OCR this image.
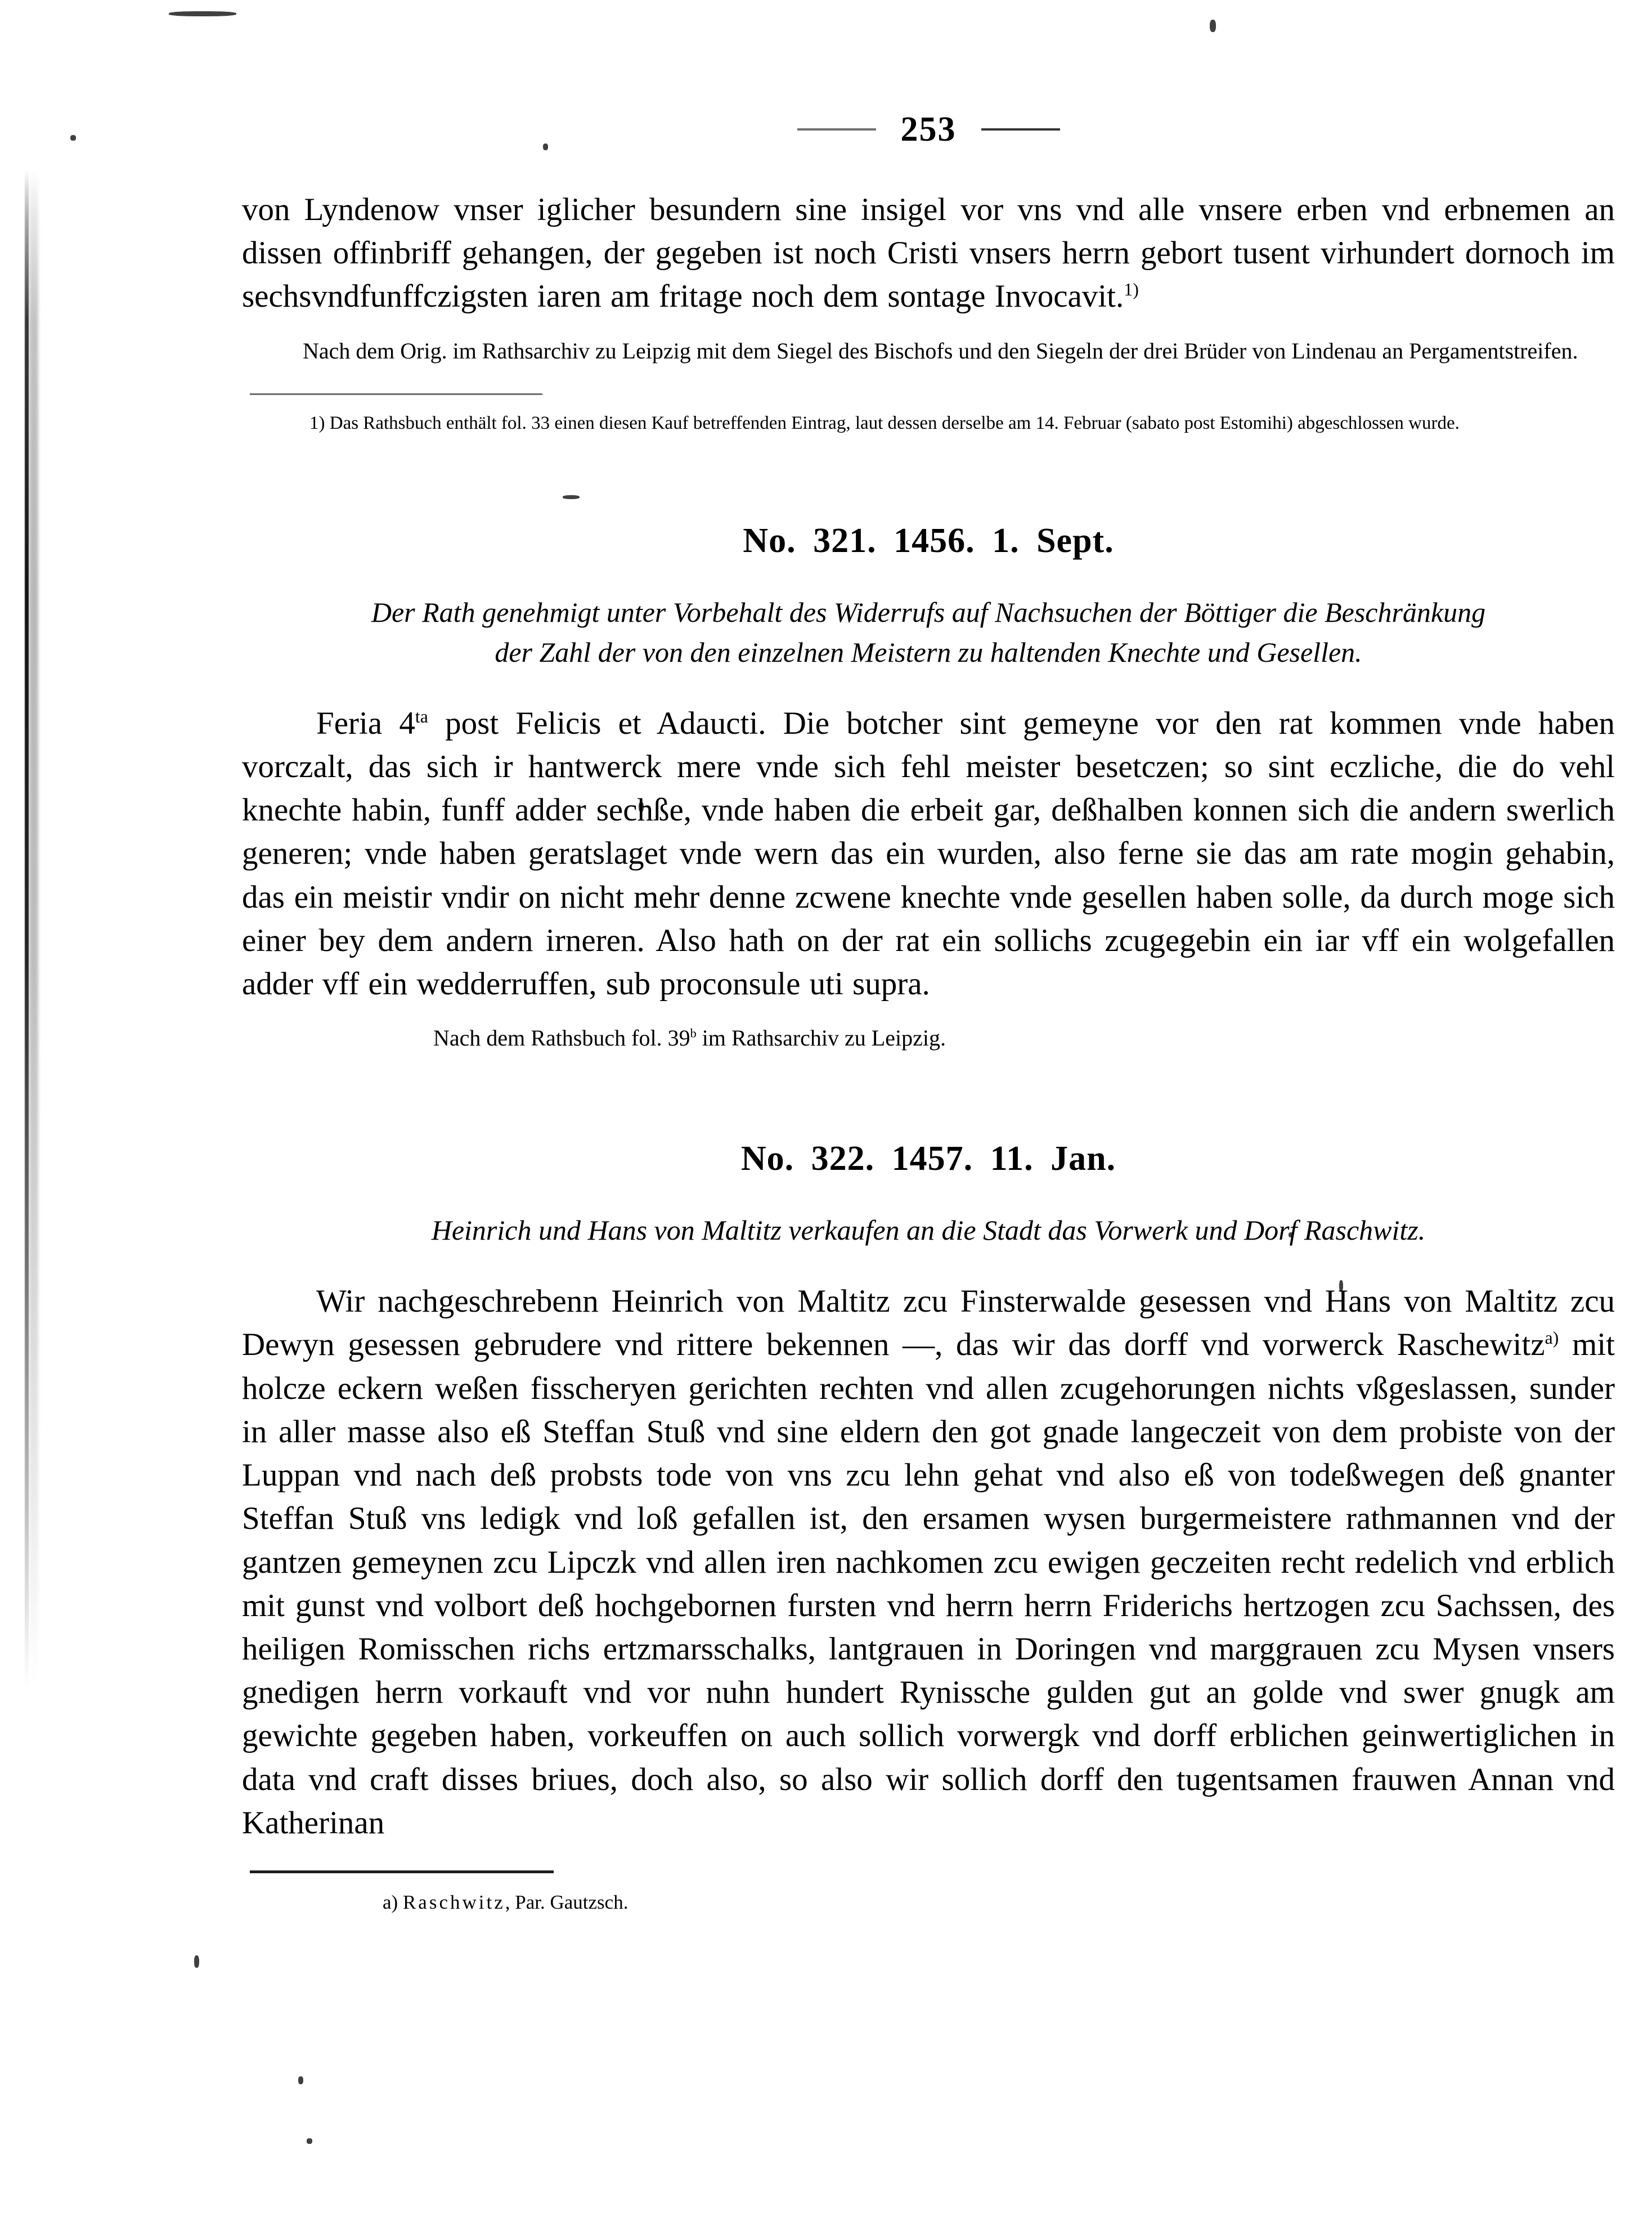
253

von Lyndenow vnser iglicher besundern sine insigel vor vns vnd alle vnsere erben vnd erbnemen an dissen offinbriff gehangen, der gegeben ist noch Cristi vnsers herrn gebort tusent virhundert dornoch im sechsvndfunffczigsten iaren am fritage noch dem sontage Invocavit.$^{1)}$

Nach dem Orig. im Rathsarchiv zu Leipzig mit dem Siegel des Bischofs und den Siegeln der drei Brüder von Lindenau an Pergamentstreifen.

1) Das Rathsbuch enthält fol. 33 einen diesen Kauf betreffenden Eintrag, laut dessen derselbe am 14. Februar (sabato post Estomihi) abgeschlossen wurde.

No. 321. 1456. 1. Sept.
Der Rath genehmigt unter Vorbehalt des Widerrufs auf Nachsuchen der Böttiger die Beschränkung
der Zahl der von den einzelnen Meistern zu haltenden Knechte und Gesellen.

Feria $4^{ta}$ post Felicis et Adaucti. Die botcher sint gemeyne vor den rat kommen vnde haben vorczalt, das sich ir hantwerck mere vnde sich fehl meister besetczen; so sint eczliche, die do vehl knechte habin, funff adder sechße, vnde haben die erbeit gar, deßhalben konnen sich die andern swerlich generen; vnde haben geratslaget vnde wern das ein wurden, also ferne sie das am rate mogin gehabin, das ein meistir vndir on nicht mehr denne zcwene knechte vnde gesellen haben solle, da durch moge sich einer bey dem andern irneren. Also hath on der rat ein sollichs zcugegebin ein iar vff ein wolgefallen adder vff ein wedderruffen, sub proconsule uti supra.

Nach dem Rathsbuch fol. 39$^b$ im Rathsarchiv zu Leipzig.

No. 322. 1457. 11. Jan.
Heinrich und Hans von Maltitz verkaufen an die Stadt das Vorwerk und Dorf Raschwitz.

Wir nachgeschrebenn Heinrich von Maltitz zcu Finsterwalde gesessen vnd Hans von Maltitz zcu Dewyn gesessen gebrudere vnd rittere bekennen —, das wir das dorff vnd vorwerck Raschewitz$^{a)}$ mit holcze eckern weßen fisscheryen gerichten rechten vnd allen zcugehorungen nichts vßgeslassen, sunder in aller masse also eß Steffan Stuß vnd sine eldern den got gnade langeczeit von dem probiste von der Luppan vnd nach deß probsts tode von vns zcu lehn gehat vnd also eß von todeßwegen deß gnanter Steffan Stuß vns ledigk vnd loß gefallen ist, den ersamen wysen burgermeistere rathmannen vnd der gantzen gemeynen zcu Lipczk vnd allen iren nachkomen zcu ewigen geczeiten recht redelich vnd erblich mit gunst vnd volbort deß hochgebornen fursten vnd herrn herrn Friderichs hertzogen zcu Sachssen, des heiligen Romisschen richs ertzmarsschalks, lantgrauen in Doringen vnd marggrauen zcu Mysen vnsers gnedigen herrn vorkauft vnd vor nuhn hundert Rynissche gulden gut an golde vnd swer gnugk am gewichte gegeben haben, vorkeuffen on auch sollich vorwergk vnd dorff erblichen geinwertiglichen in data vnd craft disses briues, doch also, so also wir sollich dorff den tugentsamen frauwen Annan vnd Katherinan

a) Raschwitz, Par. Gautzsch.
